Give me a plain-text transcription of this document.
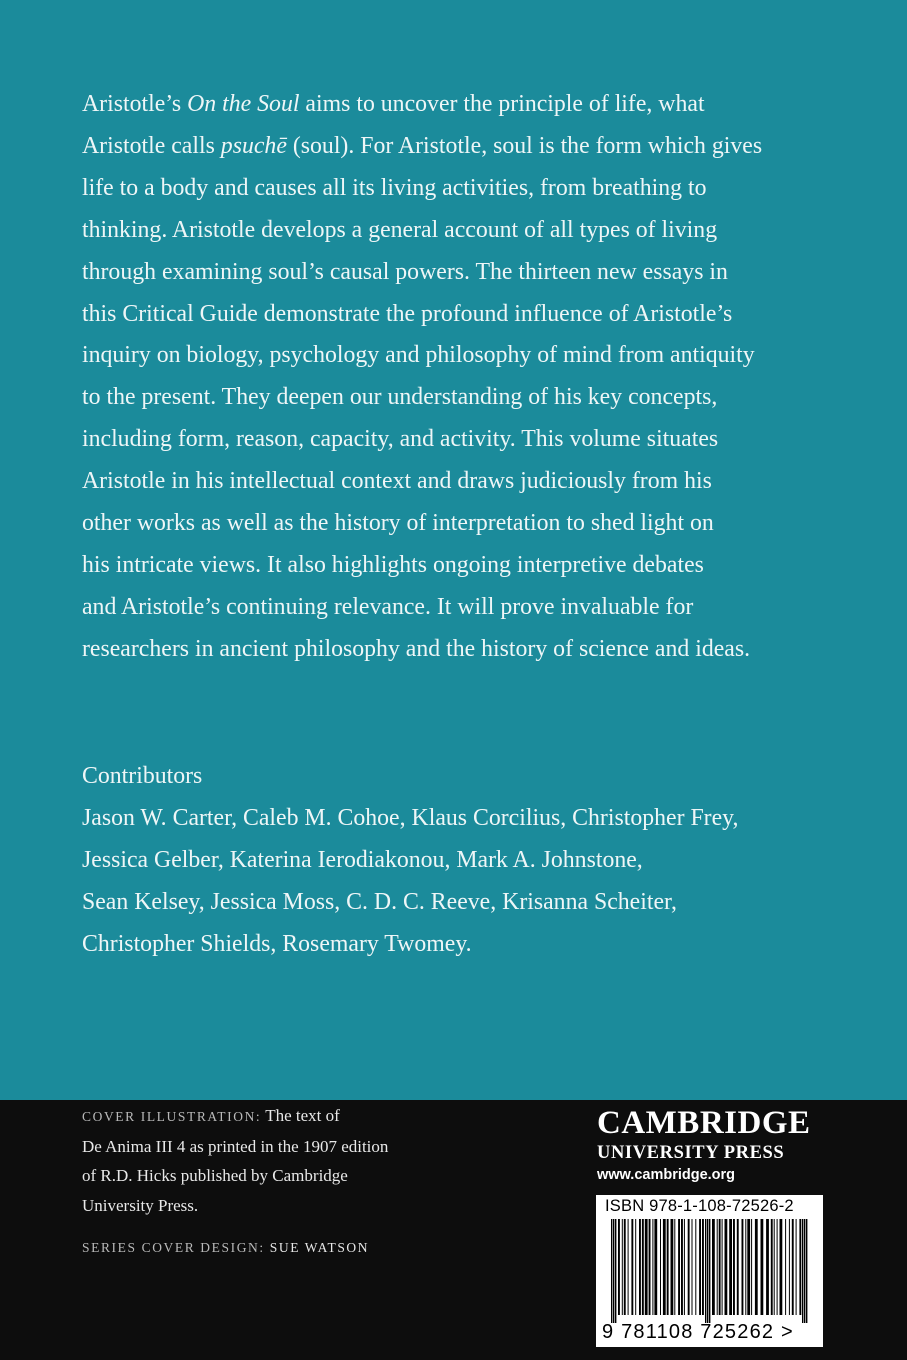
Aristotle’s On the Soul aims to uncover the principle of life, what
Aristotle calls psuchē (soul). For Aristotle, soul is the form which gives
life to a body and causes all its living activities, from breathing to
thinking. Aristotle develops a general account of all types of living
through examining soul’s causal powers. The thirteen new essays in
this Critical Guide demonstrate the profound influence of Aristotle’s
inquiry on biology, psychology and philosophy of mind from antiquity
to the present. They deepen our understanding of his key concepts,
including form, reason, capacity, and activity. This volume situates
Aristotle in his intellectual context and draws judiciously from his
other works as well as the history of interpretation to shed light on
his intricate views. It also highlights ongoing interpretive debates
and Aristotle’s continuing relevance. It will prove invaluable for
researchers in ancient philosophy and the history of science and ideas.
Contributors
Jason W. Carter, Caleb M. Cohoe, Klaus Corcilius, Christopher Frey,
Jessica Gelber, Katerina Ierodiakonou, Mark A. Johnstone,
Sean Kelsey, Jessica Moss, C. D. C. Reeve, Krisanna Scheiter,
Christopher Shields, Rosemary Twomey.
COVER ILLUSTRATION: The text of
De Anima III 4 as printed in the 1907 edition
of R.D. Hicks published by Cambridge
University Press.
SERIES COVER DESIGN: SUE WATSON
CAMBRIDGE
UNIVERSITY PRESS
www.cambridge.org
ISBN 978-1-108-72526-2
9 781108 725262 >
